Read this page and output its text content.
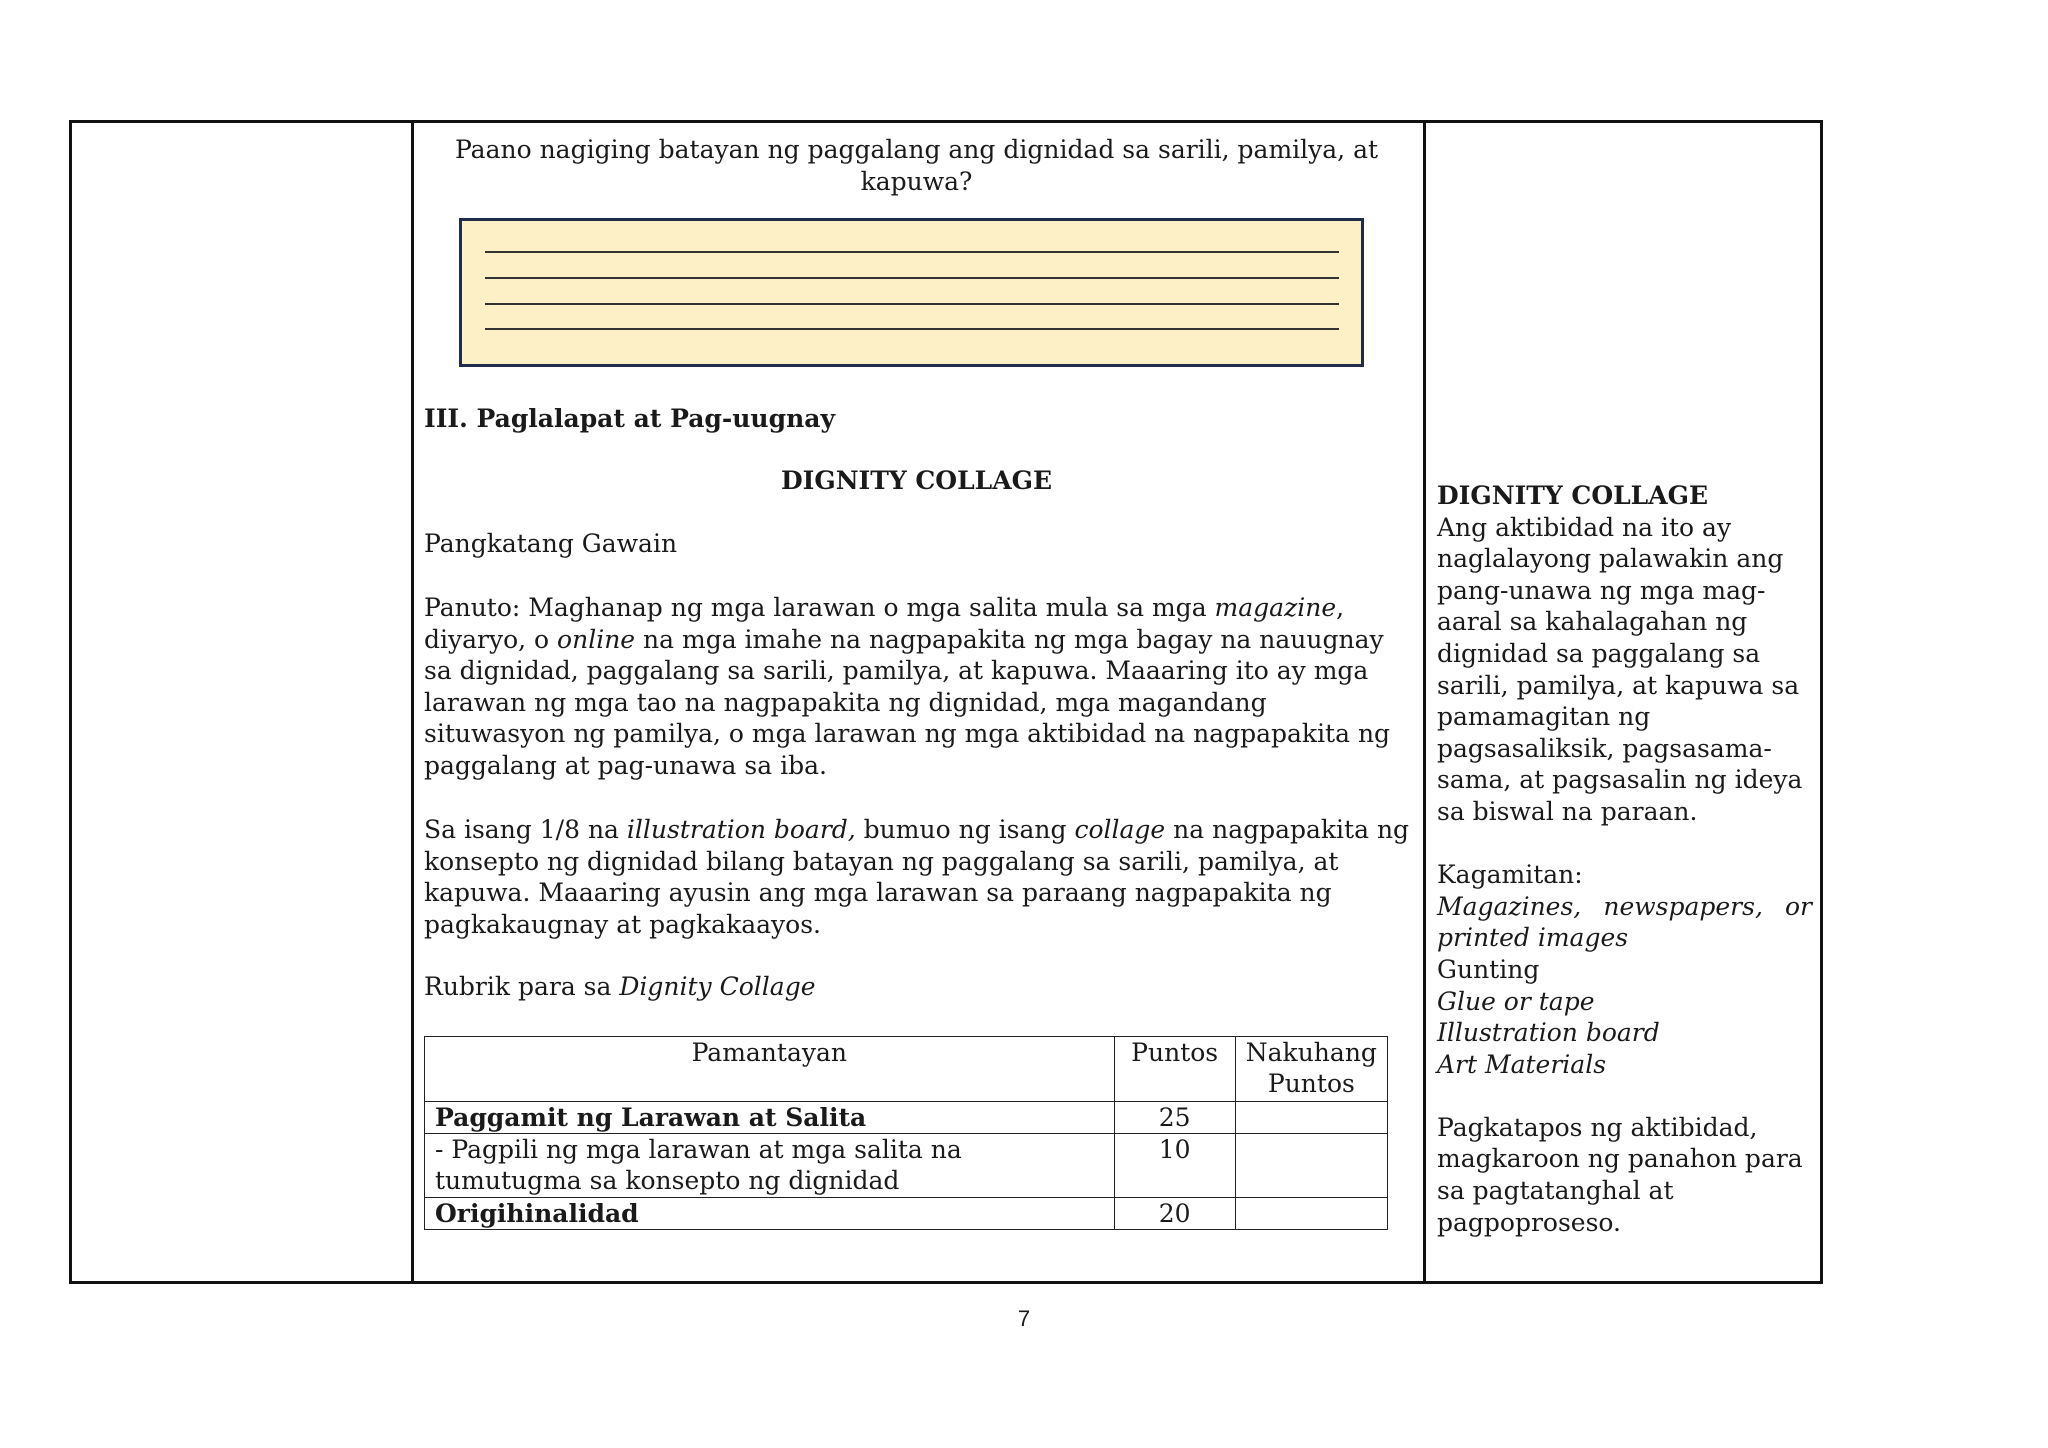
Paano nagiging batayan ng paggalang ang dignidad sa sarili, pamilya, at
kapuwa?
III. Paglalapat at Pag-uugnay
DIGNITY COLLAGE
Pangkatang Gawain
Panuto: Maghanap ng mga larawan o mga salita mula sa mga magazine, diyaryo, o online na mga imahe na nagpapakita ng mga bagay na nauugnay sa dignidad, paggalang sa sarili, pamilya, at kapuwa. Maaaring ito ay mga larawan ng mga tao na nagpapakita ng dignidad, mga magandang situwasyon ng pamilya, o mga larawan ng mga aktibidad na nagpapakita ng paggalang at pag-unawa sa iba.
Sa isang 1/8 na illustration board, bumuo ng isang collage na nagpapakita ng konsepto ng dignidad bilang batayan ng paggalang sa sarili, pamilya, at kapuwa. Maaaring ayusin ang mga larawan sa paraang nagpapakita ng pagkakaugnay at pagkakaayos.
Rubrik para sa Dignity Collage
Pamantayan	Puntos	Nakuhang
Puntos

Paggamit ng Larawan at Salita	25	

- Pagpili ng mga larawan at mga salita na
tumutugma sa konsepto ng dignidad	10	
Origihinalidad	20	
DIGNITY COLLAGE
Ang aktibidad na ito ay naglalayong palawakin ang pang-unawa ng mga mag-aaral sa kahalagahan ng dignidad sa paggalang sa sarili, pamilya, at kapuwa sa pamamagitan ng pagsasaliksik, pagsasama-sama, at pagsasalin ng ideya sa biswal na paraan.
Kagamitan:
Magazines, newspapers, or
printed images
Gunting
Glue or tape
Illustration board
Art Materials
Pagkatapos ng aktibidad, magkaroon ng panahon para sa pagtatanghal at pagpoproseso.
7
